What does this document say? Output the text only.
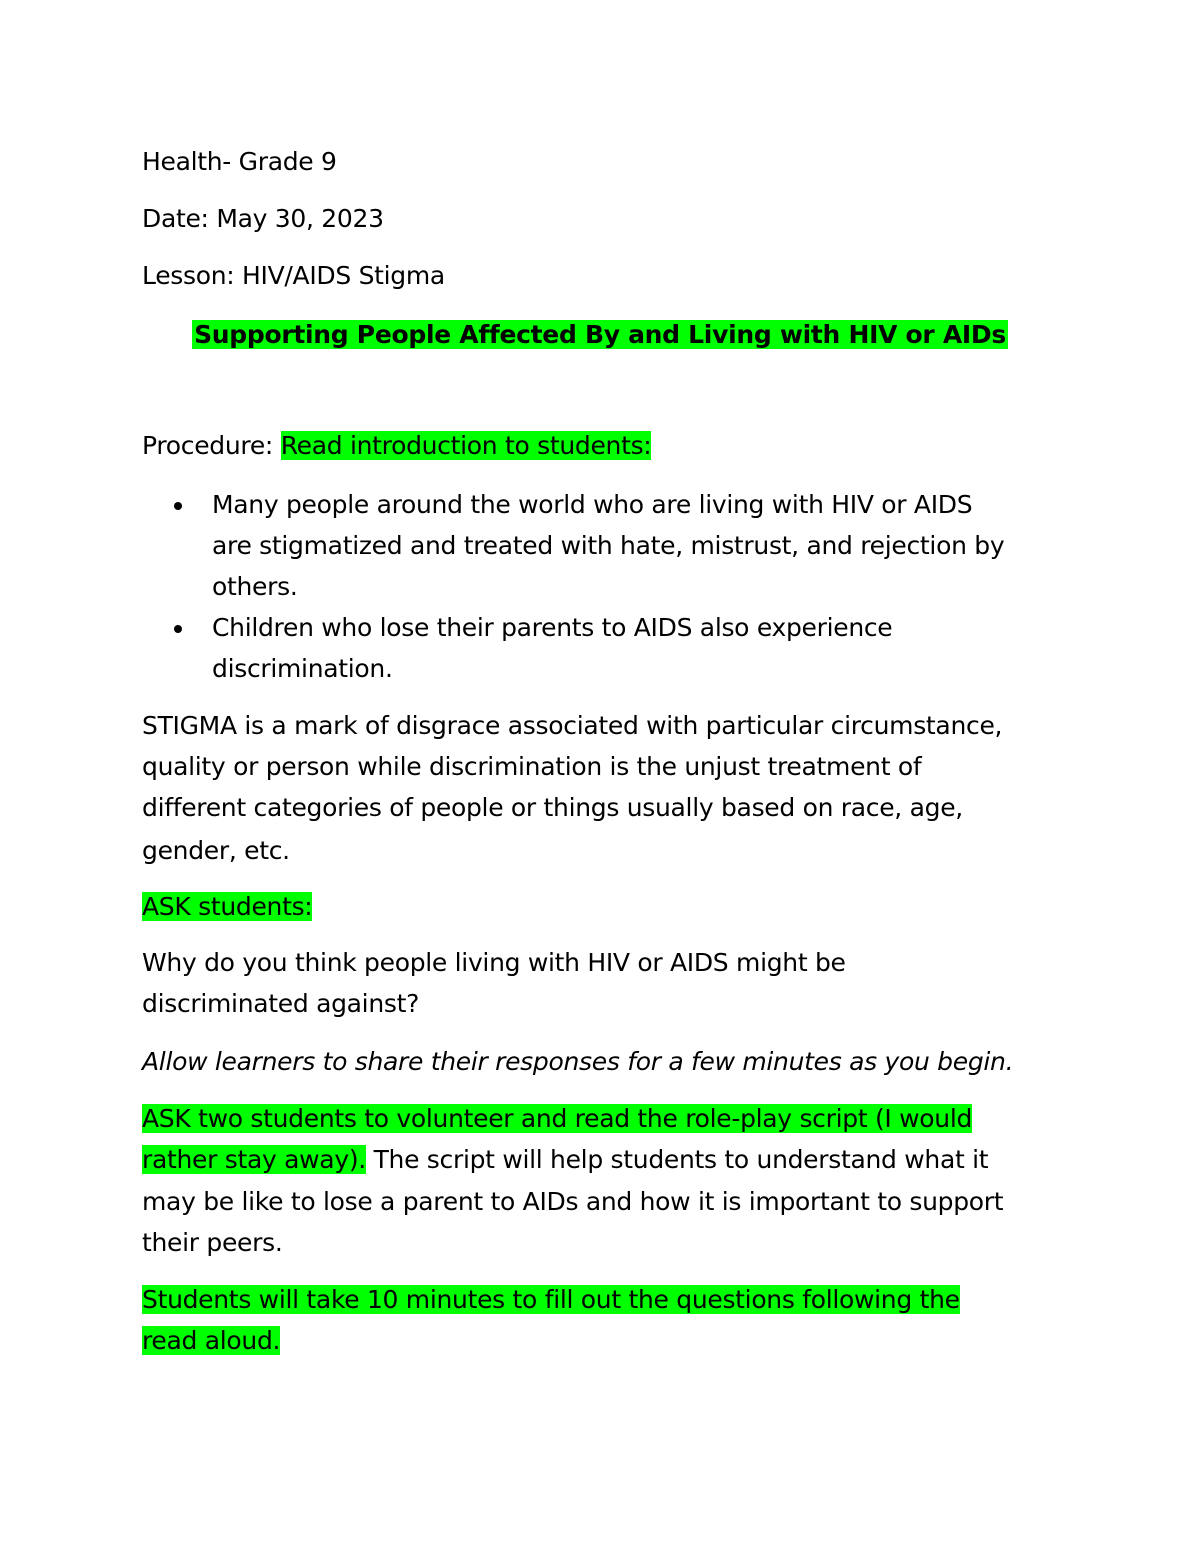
Health- Grade 9
Date: May 30, 2023
Lesson: HIV/AIDS Stigma
Supporting People Affected By and Living with HIV or AIDs
Procedure: Read introduction to students:
Many people around the world who are living with HIV or AIDS
are stigmatized and treated with hate, mistrust, and rejection by
others.
Children who lose their parents to AIDS also experience
discrimination.
STIGMA is a mark of disgrace associated with particular circumstance,
quality or person while discrimination is the unjust treatment of
different categories of people or things usually based on race, age,
gender, etc.
ASK students:
Why do you think people living with HIV or AIDS might be
discriminated against?
Allow learners to share their responses for a few minutes as you begin.
ASK two students to volunteer and read the role-play script (I would
rather stay away). The script will help students to understand what it
may be like to lose a parent to AIDs and how it is important to support
their peers.
Students will take 10 minutes to fill out the questions following the
read aloud.
